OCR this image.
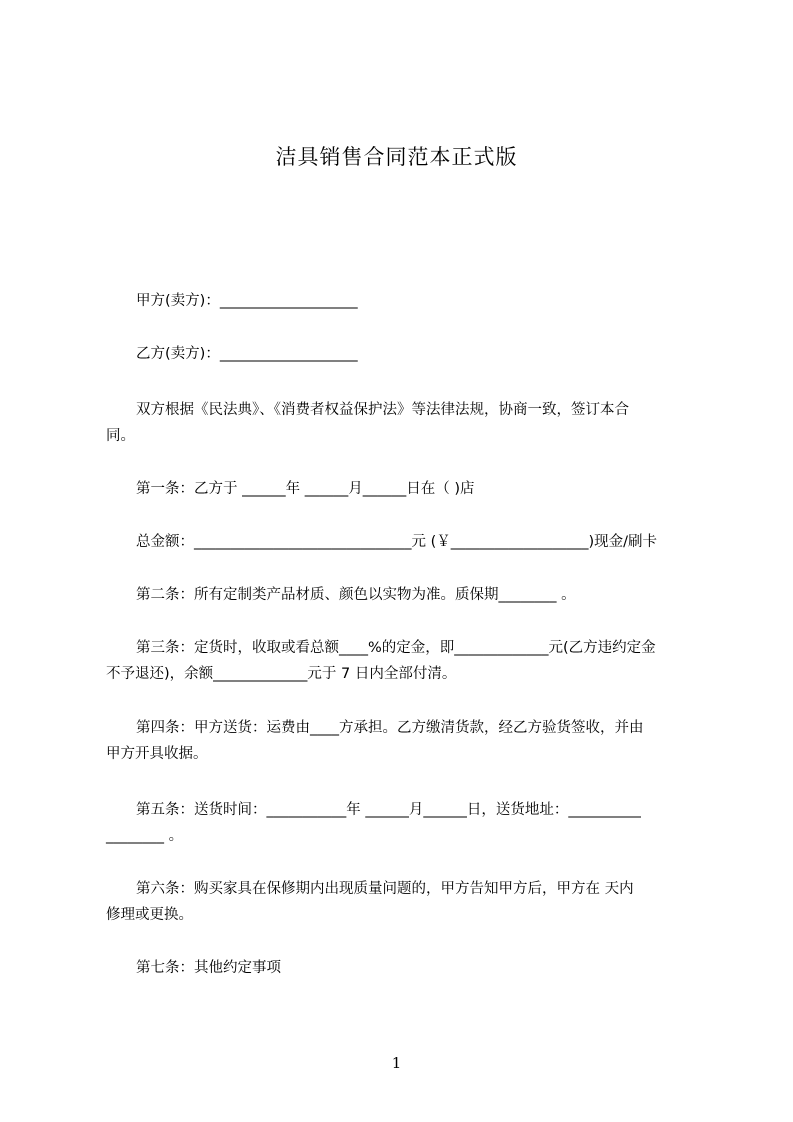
洁具销售合同范本正式版
甲方(卖方)：___________________
乙方(卖方)：___________________
双方根据《民法典》、《消费者权益保护法》等法律法规，协商一致，签订本合
同。
第一条：乙方于 ______年 ______月______日在（ )店
总金额：______________________________元 (￥___________________)现金/刷卡
第二条：所有定制类产品材质、颜色以实物为准。质保期________ 。
第三条：定货时，收取或看总额____%的定金，即_____________元(乙方违约定金
不予退还)，余额_____________元于 7 日内全部付清。
第四条：甲方送货：运费由____方承担。乙方缴清货款，经乙方验货签收，并由
甲方开具收据。
第五条：送货时间：___________年 ______月______日，送货地址：__________
________ 。
第六条：购买家具在保修期内出现质量问题的，甲方告知甲方后，甲方在 天内
修理或更换。
第七条：其他约定事项
1
